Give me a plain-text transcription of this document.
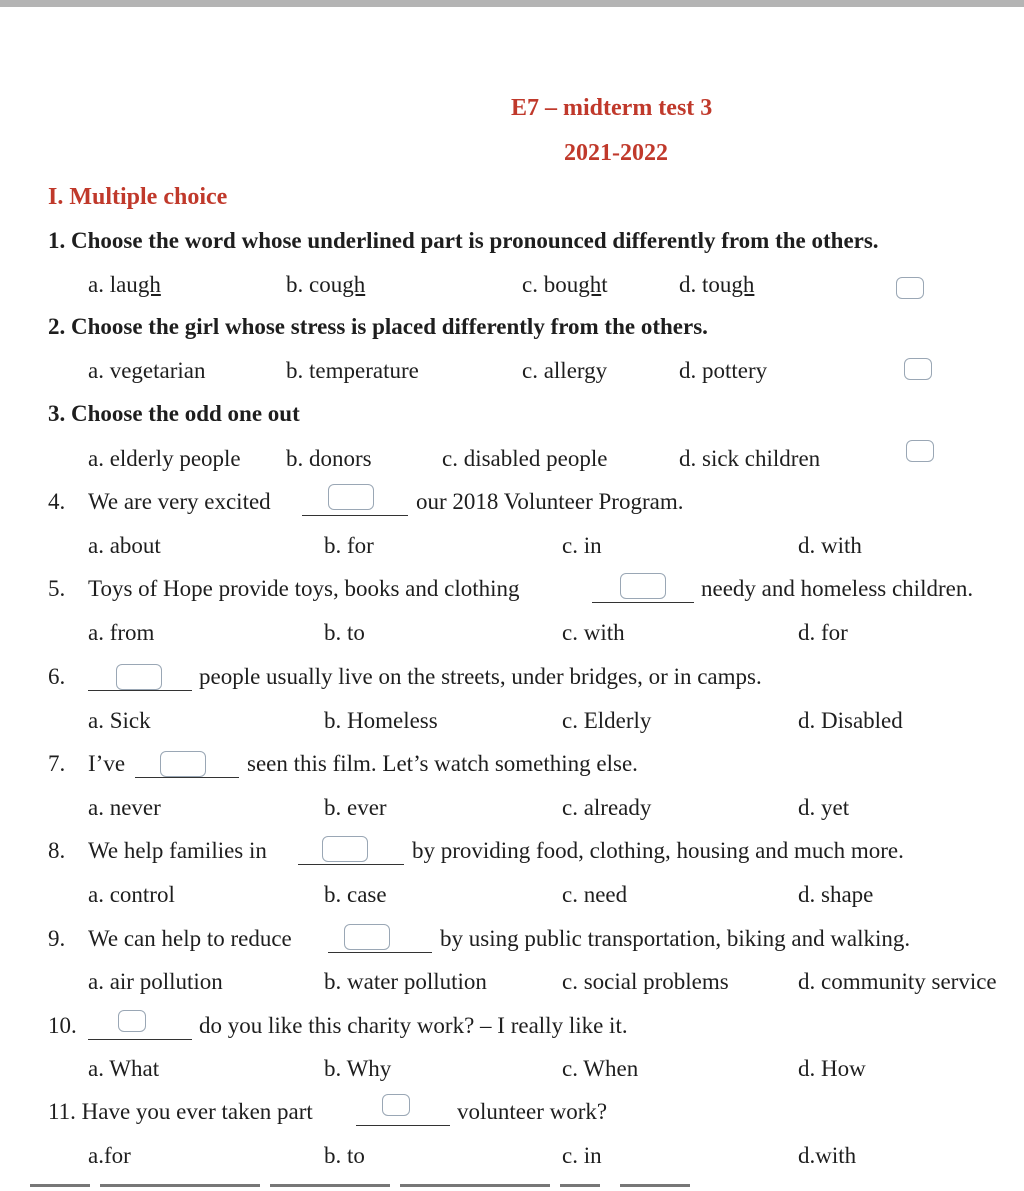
E7 – midterm test 3
2021-2022
I. Multiple choice
1. Choose the word whose underlined part is pronounced differently from the others.
a. laugh	b. cough	c. bought	d. tough
2. Choose the girl whose stress is placed differently from the others.
a. vegetarian	b. temperature	c. allergy	d. pottery
3. Choose the odd one out
a. elderly people b. donors	c. disabled people	d. sick children
4. We are very excited	our 2018 Volunteer Program.
a. about	b. for	c. in	d. with
5. Toys of Hope provide toys, books and clothing	needy and homeless children.
a. from	b. to	c. with	d. for
6.	people usually live on the streets, under bridges, or in camps.
a. Sick	b. Homeless	c. Elderly	d. Disabled
7. I’ve	seen this film. Let’s watch something else.
a. never	b. ever	c. already	d. yet
8. We help families in	by providing food, clothing, housing and much more.
a. control	b. case	c. need	d. shape
9. We can help to reduce	by using public transportation, biking and walking.
a. air pollution	b. water pollution	c. social problems	d. community service
10.	do you like this charity work? – I really like it.
a. What	b. Why	c. When	d. How
11. Have you ever taken part	volunteer work?
a.for	b. to	c. in	d.with
